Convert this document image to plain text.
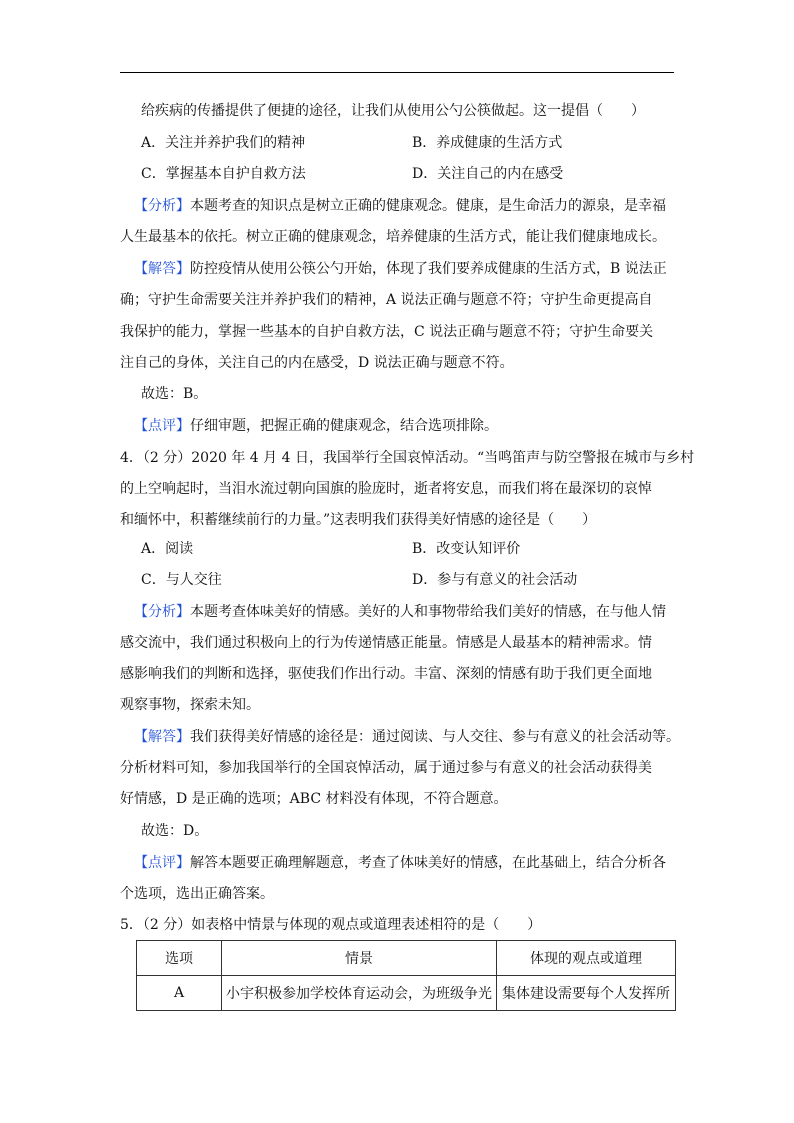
给疾病的传播提供了便捷的途径，让我们从使用公勺公筷做起。这一提倡（　　）
A．关注并养护我们的精神	B．养成健康的生活方式
C．掌握基本自护自救方法	D．关注自己的内在感受
【分析】本题考查的知识点是树立正确的健康观念。健康，是生命活力的源泉，是幸福
人生最基本的依托。树立正确的健康观念，培养健康的生活方式，能让我们健康地成长。
【解答】防控疫情从使用公筷公勺开始，体现了我们要养成健康的生活方式，B 说法正
确；守护生命需要关注并养护我们的精神，A 说法正确与题意不符；守护生命更提高自
我保护的能力，掌握一些基本的自护自救方法，C 说法正确与题意不符；守护生命要关
注自己的身体，关注自己的内在感受，D 说法正确与题意不符。
故选：B。
【点评】仔细审题，把握正确的健康观念，结合选项排除。
4．（2 分）2020 年 4 月 4 日，我国举行全国哀悼活动。“当鸣笛声与防空警报在城市与乡村
的上空响起时，当泪水流过朝向国旗的脸庞时，逝者将安息，而我们将在最深切的哀悼
和缅怀中，积蓄继续前行的力量。”这表明我们获得美好情感的途径是（　　）
A．阅读	B．改变认知评价
C．与人交往	D．参与有意义的社会活动
【分析】本题考查体味美好的情感。美好的人和事物带给我们美好的情感，在与他人情
感交流中，我们通过积极向上的行为传递情感正能量。情感是人最基本的精神需求。情
感影响我们的判断和选择，驱使我们作出行动。丰富、深刻的情感有助于我们更全面地
观察事物，探索未知。
【解答】我们获得美好情感的途径是：通过阅读、与人交往、参与有意义的社会活动等。
分析材料可知，参加我国举行的全国哀悼活动，属于通过参与有意义的社会活动获得美
好情感，D 是正确的选项；ABC 材料没有体现，不符合题意。
故选：D。
【点评】解答本题要正确理解题意，考查了体味美好的情感，在此基础上，结合分析各
个选项，选出正确答案。
5．（2 分）如表格中情景与体现的观点或道理表述相符的是（　　）
选项	情景	体现的观点或道理
A	小宇积极参加学校体育运动会，为班级争光	集体建设需要每个人发挥所
